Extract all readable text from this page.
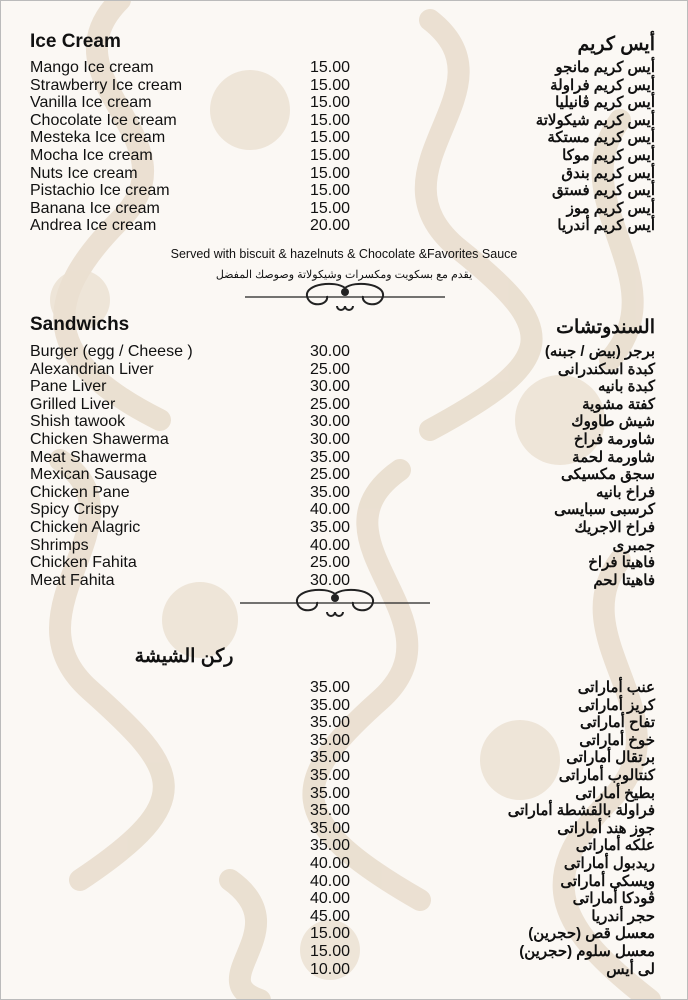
Ice Cream	أيس كريم
Mango Ice cream	15.00	أيس كريم مانجو
Strawberry Ice cream	15.00	أيس كريم فراولة
Vanilla Ice cream	15.00	أيس كريم ڤانيليا
Chocolate Ice cream	15.00	أيس كريم شيكولاتة
Mesteka Ice cream	15.00	أيس كريم مستكة
Mocha Ice cream	15.00	أيس كريم موكا
Nuts Ice cream	15.00	أيس كريم بندق
Pistachio Ice cream	15.00	أيس كريم فستق
Banana Ice cream	15.00	أيس كريم موز
Andrea Ice cream	20.00	أيس كريم أندريا
Served with biscuit & hazelnuts & Chocolate &Favorites Sauce
يقدم مع بسكويت ومكسرات وشيكولاتة وصوصك المفضل
Sandwichs	السندوتشات
Burger (egg / Cheese )	30.00	برجر (بيض / جبنه)
Alexandrian Liver	25.00	كبدة اسكندرانى
Pane Liver	30.00	كبدة بانيه
Grilled Liver	25.00	كفتة مشوية
Shish tawook	30.00	شيش طاووك
Chicken Shawerma	30.00	شاورمة فراخ
Meat Shawerma	35.00	شاورمة لحمة
Mexican Sausage	25.00	سجق مكسيكى
Chicken Pane	35.00	فراخ بانيه
Spicy Crispy	40.00	كرسبى سبايسى
Chicken Alagric	35.00	فراخ الاجريك
Shrimps	40.00	جمبرى
Chicken Fahita	25.00	فاهيتا فراخ
Meat Fahita	30.00	فاهيتا لحم
ركن الشيشة
35.00	عنب أماراتى
35.00	كريز أماراتى
35.00	تفاح أماراتى
35.00	خوخ أماراتى
35.00	برتقال أماراتى
35.00	كنتالوب أماراتى
35.00	بطيخ أماراتى
35.00	فراولة بالقشطة أماراتى
35.00	جوز هند أماراتى
35.00	علكه أماراتى
40.00	ريدبول أماراتى
40.00	ويسكى أماراتى
40.00	ڤودكا أماراتى
45.00	حجر أندريا
15.00	معسل قص (حجرين)
15.00	معسل سلوم (حجرين)
10.00	لى أيس
